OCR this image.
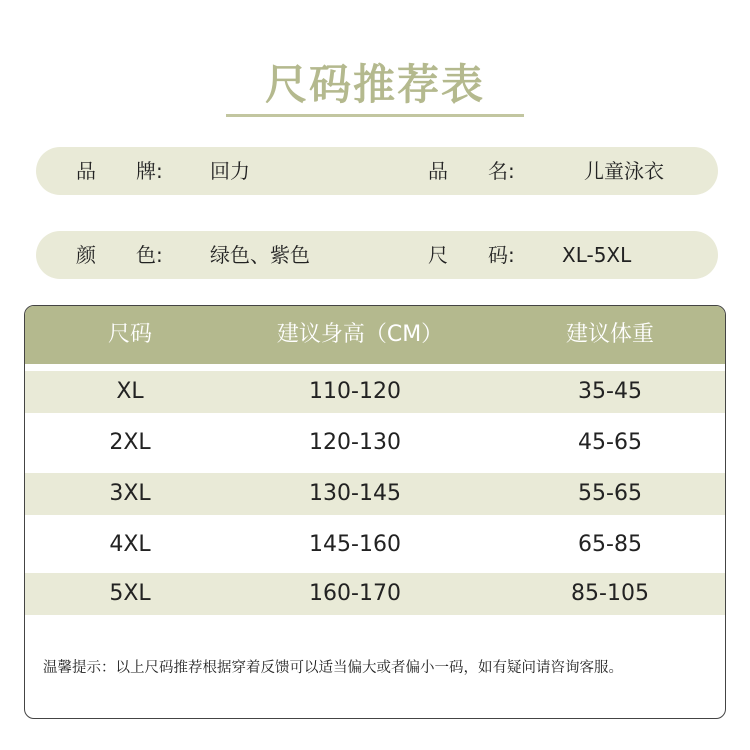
尺码推荐表
品　　牌: 回力	品　　名:	儿童泳衣
颜　　色: 绿色、紫色	尺　　码: XL-5XL
尺码	建议身高（CM）	建议体重
XL	110-120	35-45
2XL	120-130	45-65
3XL	130-145	55-65
4XL	145-160	65-85
5XL	160-170	85-105
温馨提示：以上尺码推荐根据穿着反馈可以适当偏大或者偏小一码，如有疑问请咨询客服。
